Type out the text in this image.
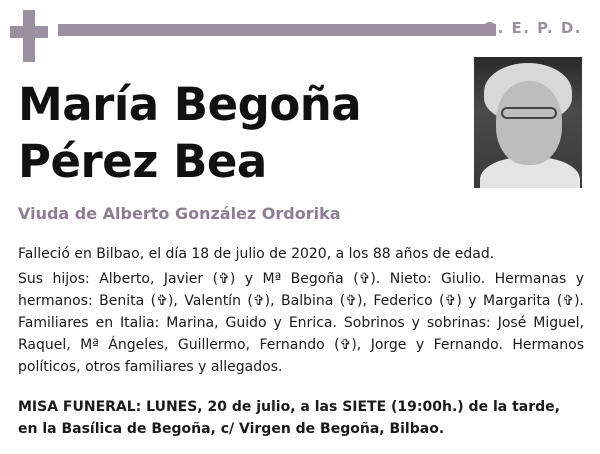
Q. E. P. D.
María Begoña
Pérez Bea
Viuda de Alberto González Ordorika
Falleció en Bilbao, el día 18 de julio de 2020, a los 88 años de edad.
Sus hijos: Alberto, Javier (✞) y Mª Begoña (✞). Nieto: Giulio. Hermanas y hermanos: Benita (✞), Valentín (✞), Balbina (✞), Federico (✞) y Margarita (✞). Familiares en Italia: Marina, Guido y Enrica. Sobrinos y sobrinas: José Miguel, Raquel, Mª Ángeles, Guillermo, Fernando (✞), Jorge y Fernando. Hermanos políticos, otros familiares y allegados.
MISA FUNERAL: LUNES, 20 de julio, a las SIETE (19:00h.) de la tarde, en la Basílica de Begoña, c/ Virgen de Begoña, Bilbao.
